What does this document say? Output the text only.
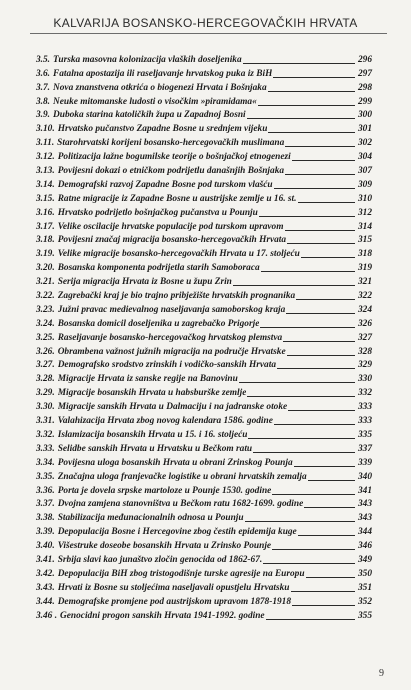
KALVARIJA BOSANSKO-HERCEGOVAČKIH HRVATA
3.5. Turska masovna kolonizacija vlaških doseljenika	296
3.6. Fatalna apostazija ili raseljavanje hrvatskog puka iz BiH	297
3.7. Nova znanstvena otkrića o biogenezi Hrvata i Bošnjaka	298
3.8. Neuke mitomanske ludosti o visočkim »piramidama«	299
3.9. Duboka starina katoličkih župa u Zapadnoj Bosni	300
3.10. Hrvatsko pučanstvo Zapadne Bosne u srednjem vijeku	301
3.11. Starohrvatski korijeni bosansko-hercegovačkih muslimana	302
3.12. Politizacija lažne bogumilske teorije o bošnjačkoj etnogenezi	304
3.13. Povijesni dokazi o etničkom podrijetlu današnjih Bošnjaka	307
3.14. Demografski razvoj Zapadne Bosne pod turskom vlašću	309
3.15. Ratne migracije iz Zapadne Bosne u austrijske zemlje u 16. st.	310
3.16. Hrvatsko podrijetlo bošnjačkog pučanstva u Pounju	312
3.17. Velike oscilacije hrvatske populacije pod turskom upravom	314
3.18. Povijesni značaj migracija bosansko-hercegovačkih Hrvata	315
3.19. Velike migracije bosansko-hercegovačkih Hrvata u 17. stoljeću	318
3.20. Bosanska komponenta podrijetla starih Samoboraca	319
3.21. Serija migracija Hrvata iz Bosne u župu Zrin	321
3.22. Zagrebački kraj je bio trajno pribježište hrvatskih prognanika	322
3.23. Južni pravac medievalnog naseljavanja samoborskog kraja	324
3.24. Bosanska domicil doseljenika u zagrebačko Prigorje	326
3.25. Raseljavanje bosansko-hercegovačkog hrvatskog plemstva	327
3.26. Obrambena važnost južnih migracija na područje Hrvatske	328
3.27. Demografsko srodstvo zrinskih i vodičko-sanskih Hrvata	329
3.28. Migracije Hrvata iz sanske regije na Banovinu	330
3.29. Migracije bosanskih Hrvata u habsburške zemlje	332
3.30. Migracije sanskih Hrvata u Dalmaciju i na jadranske otoke	333
3.31. Valahizacija Hrvata zbog novog kalendara 1586. godine	333
3.32. Islamizacija bosanskih Hrvata u 15. i 16. stoljeću	335
3.33. Selidbe sanskih Hrvata u Hrvatsku u Bečkom ratu	337
3.34. Povijesna uloga bosanskih Hrvata u obrani Zrinskog Pounja	339
3.35. Značajna uloga franjevačke logistike u obrani hrvatskih zemalja	340
3.36. Porta je dovela srpske martoloze u Pounje 1530. godine	341
3.37. Dvojna zamjena stanovništva u Bečkom ratu 1682-1699. godine	343
3.38. Stabilizacija međunacionalnih odnosa u Pounju	343
3.39. Depopulacija Bosne i Hercegovine zbog čestih epidemija kuge	344
3.40. Višestruke doseobe bosanskih Hrvata u Zrinsko Pounje	346
3.41. Srbija slavi kao junaštvo zločin genocida od 1862-67.	349
3.42. Depopulacija BiH zbog tristogodišnje turske agresije na Europu	350
3.43. Hrvati iz Bosne su stoljećima naseljavali opustjelu Hrvatsku	351
3.44. Demografske promjene pod austrijskom upravom 1878-1918	352
3.46 . Genocidni progon sanskih Hrvata 1941-1992. godine	355
9
